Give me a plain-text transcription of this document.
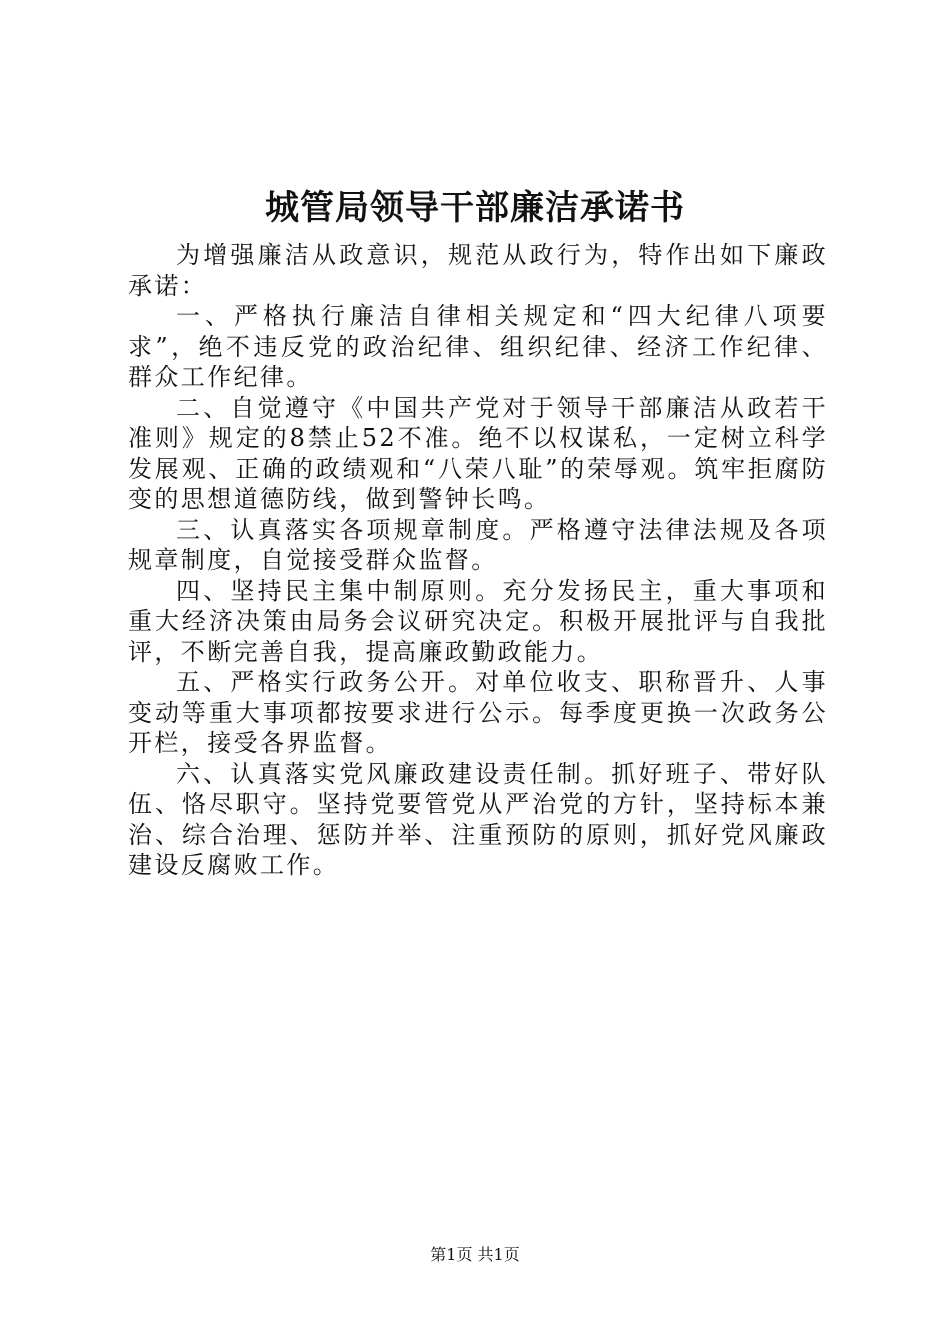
城管局领导干部廉洁承诺书

为增强廉洁从政意识，规范从政行为，特作出如下廉政承诺：

一、严格执行廉洁自律相关规定和“四大纪律八项要求”，绝不违反党的政治纪律、组织纪律、经济工作纪律、群众工作纪律。

二、自觉遵守《中国共产党对于领导干部廉洁从政若干准则》规定的8禁止52不准。绝不以权谋私，一定树立科学发展观、正确的政绩观和“八荣八耻”的荣辱观。筑牢拒腐防变的思想道德防线，做到警钟长鸣。

三、认真落实各项规章制度。严格遵守法律法规及各项规章制度，自觉接受群众监督。

四、坚持民主集中制原则。充分发扬民主，重大事项和重大经济决策由局务会议研究决定。积极开展批评与自我批评，不断完善自我，提高廉政勤政能力。

五、严格实行政务公开。对单位收支、职称晋升、人事变动等重大事项都按要求进行公示。每季度更换一次政务公开栏，接受各界监督。

六、认真落实党风廉政建设责任制。抓好班子、带好队伍、恪尽职守。坚持党要管党从严治党的方针，坚持标本兼治、综合治理、惩防并举、注重预防的原则，抓好党风廉政建设反腐败工作。

第1页 共1页
